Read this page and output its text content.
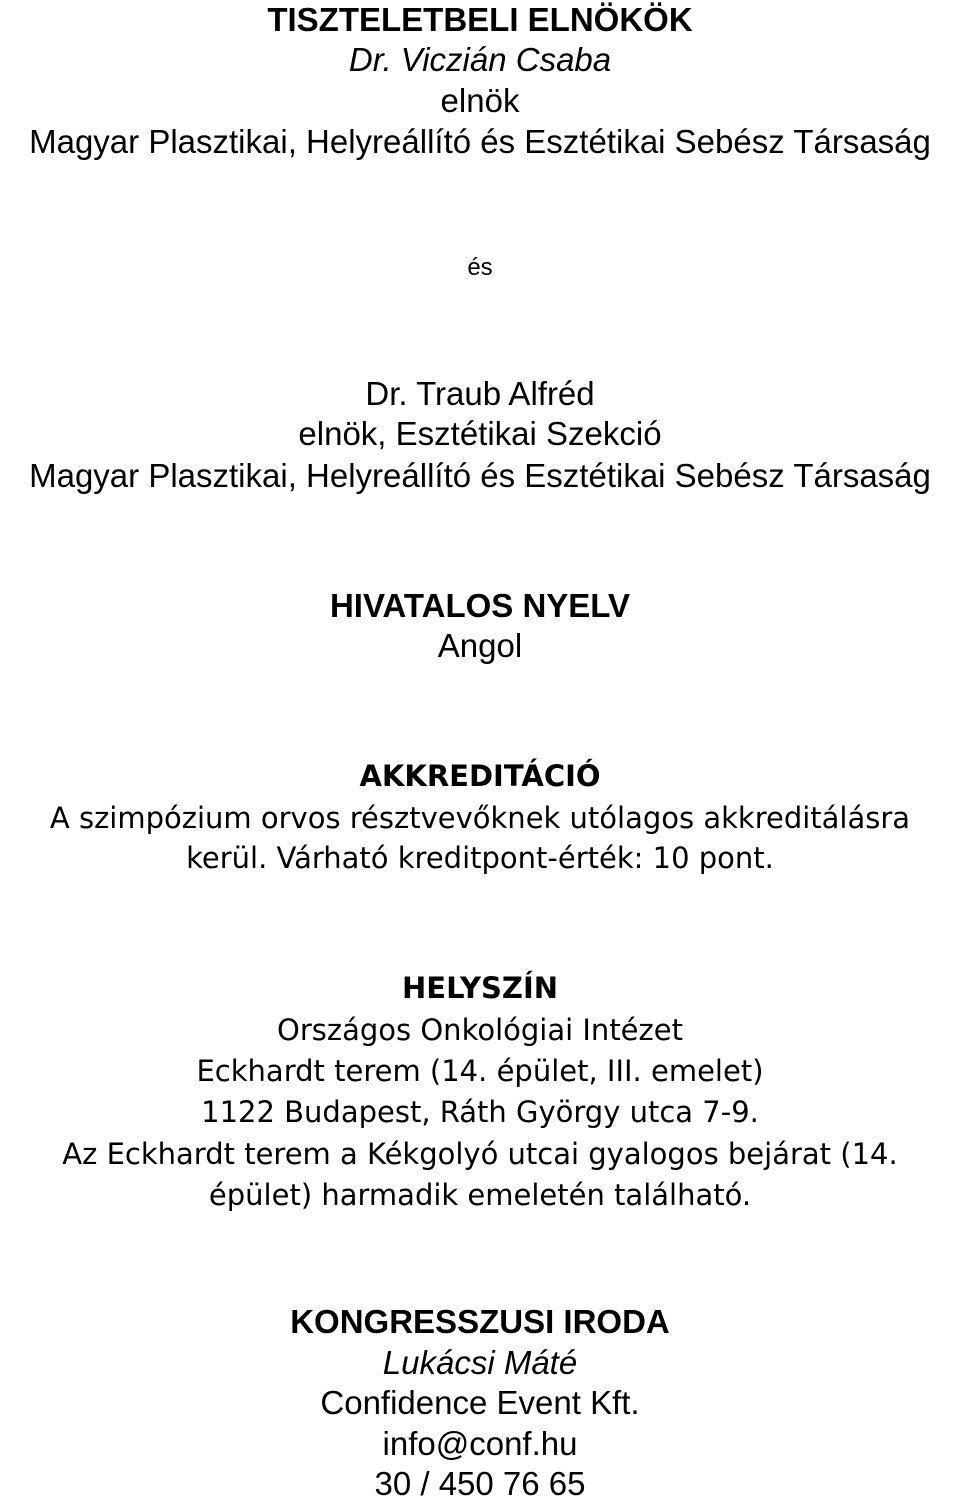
TISZTELETBELI ELNÖKÖK
Dr. Viczián Csaba
elnök
Magyar Plasztikai, Helyreállító és Esztétikai Sebész Társaság
és
Dr. Traub Alfréd
elnök, Esztétikai Szekció
Magyar Plasztikai, Helyreállító és Esztétikai Sebész Társaság
HIVATALOS NYELV
Angol
AKKREDITÁCIÓ
A szimpózium orvos résztvevőknek utólagos akkreditálásra
kerül. Várható kreditpont-érték: 10 pont.
HELYSZÍN
Országos Onkológiai Intézet
Eckhardt terem (14. épület, III. emelet)
1122 Budapest, Ráth György utca 7-9.
Az Eckhardt terem a Kékgolyó utcai gyalogos bejárat (14.
épület) harmadik emeletén található.
KONGRESSZUSI IRODA
Lukácsi Máté
Confidence Event Kft.
info@conf.hu
30 / 450 76 65
